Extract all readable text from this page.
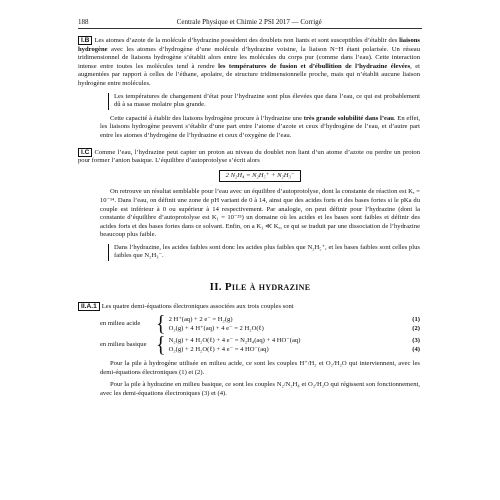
188	Centrale Physique et Chimie 2 PSI 2017 — Corrigé

I.B Les atomes d’azote de la molécule d’hydrazine possèdent des doublets non liants et sont susceptibles d’établir des liaisons hydrogène avec les atomes d’hydrogène d’une molécule d’hydrazine voisine, la liaison N−H étant polarisée. Un réseau tridimensionnel de liaisons hydrogène s’établit alors entre les molécules du corps pur (comme dans l’eau). Cette interaction intense entre toutes les molécules tend à rendre les températures de fusion et d’ébullition de l’hydrazine élevées, et augmentées par rapport à celles de l’éthane, apolaire, de structure tridimensionnelle proche, mais qui n’établit aucune liaison hydrogène entre molécules.

Les températures de changement d’état pour l’hydrazine sont plus élevées que dans l’eau, ce qui est probablement dû à sa masse molaire plus grande.

Cette capacité à établir des liaisons hydrogène procure à l’hydrazine une très grande solubilité dans l’eau. En effet, les liaisons hydrogène peuvent s’établir d’une part entre l’atome d’azote et ceux d’hydrogène de l’eau, et d’autre part entre les atomes d’hydrogène de l’hydrazine et ceux d’oxygène de l’eau.

I.C Comme l’eau, l’hydrazine peut capter un proton au niveau du doublet non liant d’un atome d’azote ou perdre un proton pour former l’anion basique. L’équilibre d’autoprotolyse s’écrit alors

2 N₂H₄ = N₂H₅⁺ + N₂H₃⁻

On retrouve un résultat semblable pour l’eau avec un équilibre d’autoprotolyse, dont la constante de réaction est Kₑ = 10⁻¹⁴. Dans l’eau, on définit une zone de pH variant de 0 à 14, ainsi que des acides forts et des bases fortes si le pKa du couple est inférieur à 0 ou supérieur à 14 respectivement. Par analogie, on peut définir pour l’hydrazine (dont la constante d’équilibre d’autoprotolyse est K₁ = 10⁻²⁵) un domaine où les acides et les bases sont faibles et définir des acides forts et des bases fortes dans ce solvant. Enfin, on a K₁ ≪ Kₑ, ce qui se traduit par une dissociation de l’hydrazine beaucoup plus faible.

Dans l’hydrazine, les acides faibles sont donc les acides plus faibles que N₂H₅⁺, et les bases faibles sont celles plus faibles que N₂H₃⁻.
II. Pile à hydrazine

II.A.1 Les quatre demi-équations électroniques associées aux trois couples sont

en milieu acide { 2 H⁺(aq) + 2 e⁻ = H₂(g)	(1)
O₂(g) + 4 H⁺(aq) + 4 e⁻ = 2 H₂O(ℓ)	(2)
en milieu basique { N₂(g) + 4 H₂O(ℓ) + 4 e⁻ = N₂H₄(aq) + 4 HO⁻(aq)	(3)
O₂(g) + 2 H₂O(ℓ) + 4 e⁻ = 4 HO⁻(aq)	(4)

Pour la pile à hydrogène utilisée en milieu acide, ce sont les couples H⁺/H₂ et O₂/H₂O qui interviennent, avec les demi-équations électroniques (1) et (2).

Pour la pile à hydrazine en milieu basique, ce sont les couples N₂/N₂H₄ et O₂/H₂O qui régissent son fonctionnement, avec les demi-équations électroniques (3) et (4).
